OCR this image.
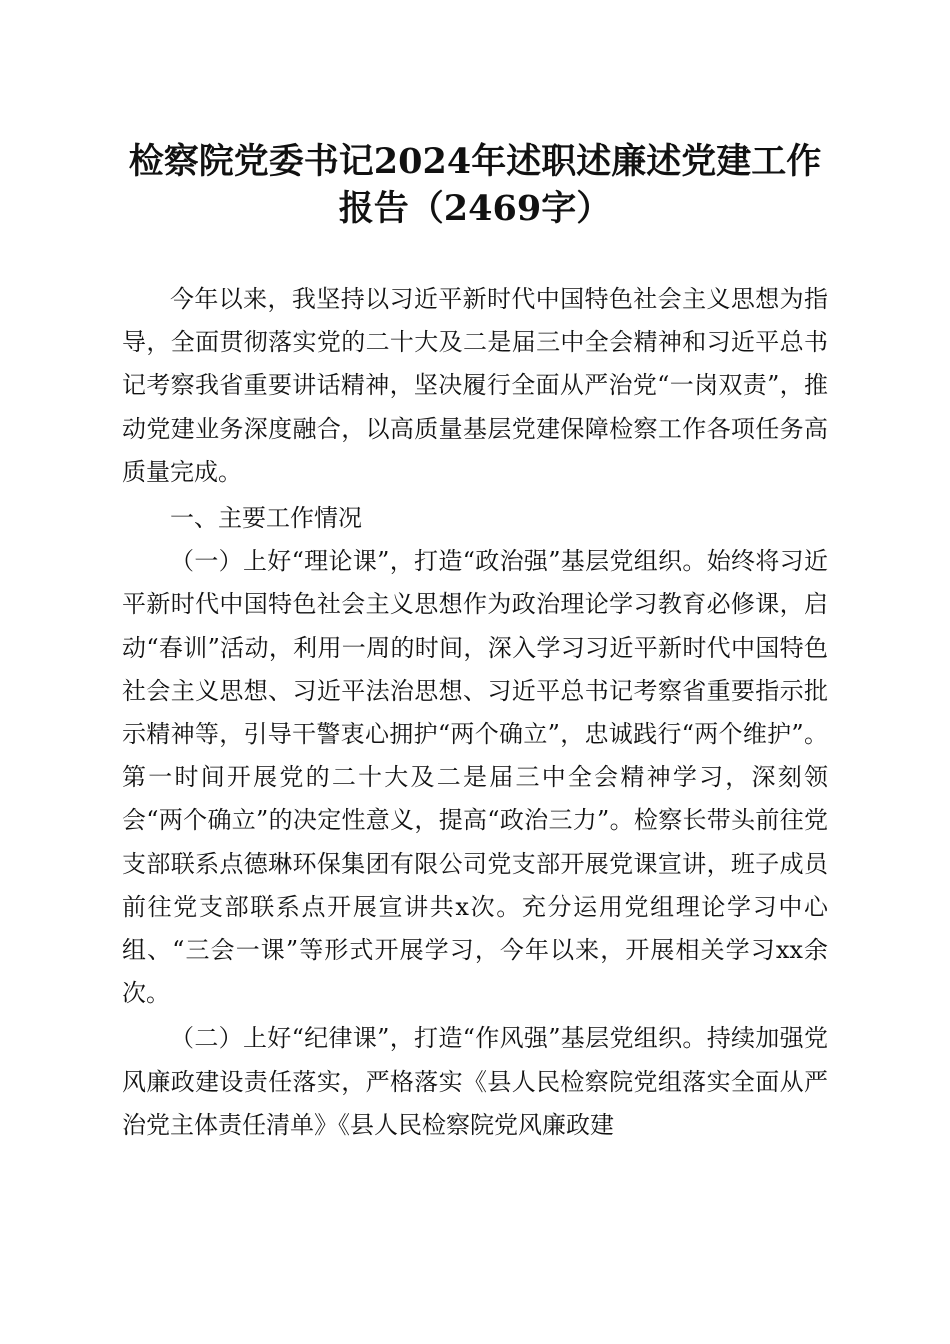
检察院党委书记2024年述职述廉述党建工作
报告（2469字）

今年以来，我坚持以习近平新时代中国特色社会主义思想为指导，全面贯彻落实党的二十大及二是届三中全会精神和习近平总书记考察我省重要讲话精神，坚决履行全面从严治党“一岗双责”，推动党建业务深度融合，以高质量基层党建保障检察工作各项任务高质量完成。

一、主要工作情况

（一）上好“理论课”，打造“政治强”基层党组织。始终将习近平新时代中国特色社会主义思想作为政治理论学习教育必修课，启动“春训”活动，利用一周的时间，深入学习习近平新时代中国特色社会主义思想、习近平法治思想、习近平总书记考察省重要指示批示精神等，引导干警衷心拥护“两个确立”，忠诚践行“两个维护”。第一时间开展党的二十大及二是届三中全会精神学习，深刻领会“两个确立”的决定性意义，提高“政治三力”。检察长带头前往党支部联系点德琳环保集团有限公司党支部开展党课宣讲，班子成员前往党支部联系点开展宣讲共x次。充分运用党组理论学习中心组、“三会一课”等形式开展学习，今年以来，开展相关学习xx余次。

（二）上好“纪律课”，打造“作风强”基层党组织。持续加强党风廉政建设责任落实，严格落实《县人民检察院党组落实全面从严治党主体责任清单》《县人民检察院党风廉政建
